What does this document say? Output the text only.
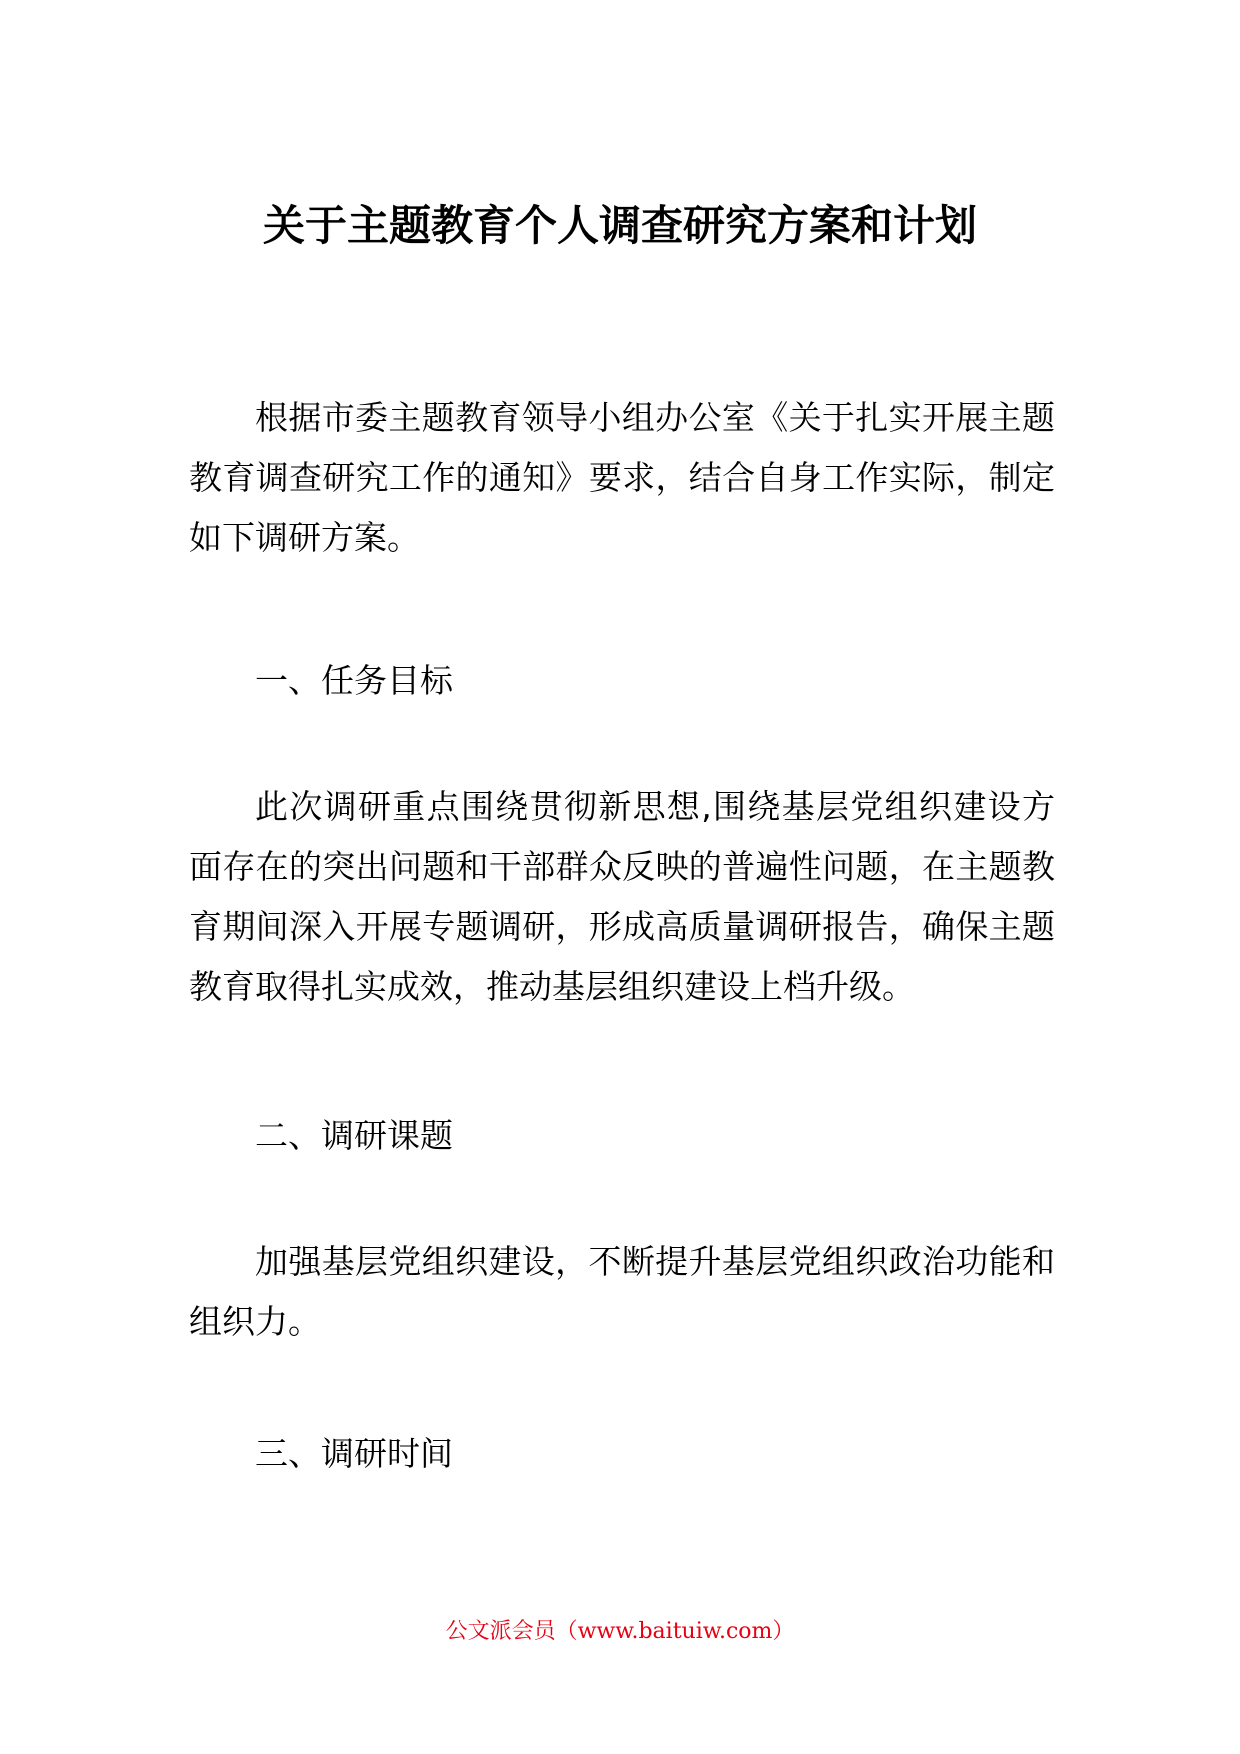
关于主题教育个人调查研究方案和计划

根据市委主题教育领导小组办公室《关于扎实开展主题教育调查研究工作的通知》要求，结合自身工作实际，制定如下调研方案。

一、任务目标

此次调研重点围绕贯彻新思想,围绕基层党组织建设方面存在的突出问题和干部群众反映的普遍性问题，在主题教育期间深入开展专题调研，形成高质量调研报告，确保主题教育取得扎实成效，推动基层组织建设上档升级。

二、调研课题

加强基层党组织建设，不断提升基层党组织政治功能和组织力。

三、调研时间

公文派会员（www.baituiw.com）
